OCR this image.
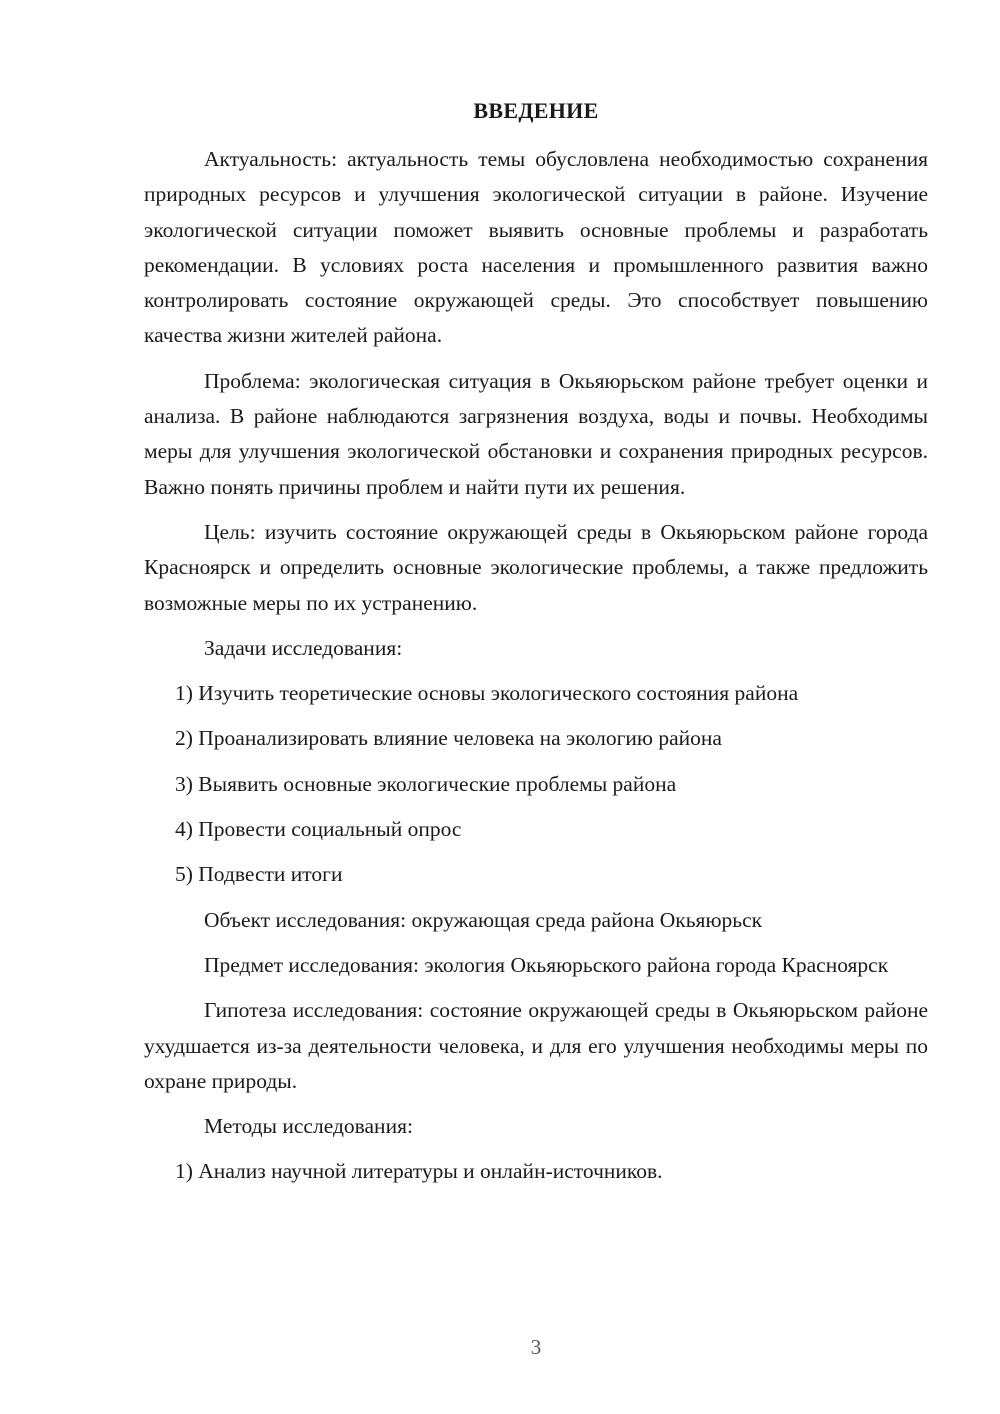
ВВЕДЕНИЕ

Актуальность: актуальность темы обусловлена необходимостью сохранения природных ресурсов и улучшения экологической ситуации в районе. Изучение экологической ситуации поможет выявить основные проблемы и разработать рекомендации. В условиях роста населения и промышленного развития важно контролировать состояние окружающей среды. Это способствует повышению качества жизни жителей района.

Проблема: экологическая ситуация в Окьяюрьском районе требует оценки и анализа. В районе наблюдаются загрязнения воздуха, воды и почвы. Необходимы меры для улучшения экологической обстановки и сохранения природных ресурсов. Важно понять причины проблем и найти пути их решения.

Цель: изучить состояние окружающей среды в Окьяюрьском районе города Красноярск и определить основные экологические проблемы, а также предложить возможные меры по их устранению.

Задачи исследования:

1) Изучить теоретические основы экологического состояния района

2) Проанализировать влияние человека на экологию района

3) Выявить основные экологические проблемы района

4) Провести социальный опрос

5) Подвести итоги

Объект исследования: окружающая среда района Окьяюрьск

Предмет исследования: экология Окьяюрьского района города Красноярск

Гипотеза исследования: состояние окружающей среды в Окьяюрьском районе ухудшается из-за деятельности человека, и для его улучшения необходимы меры по охране природы.

Методы исследования:

1) Анализ научной литературы и онлайн-источников.

3
